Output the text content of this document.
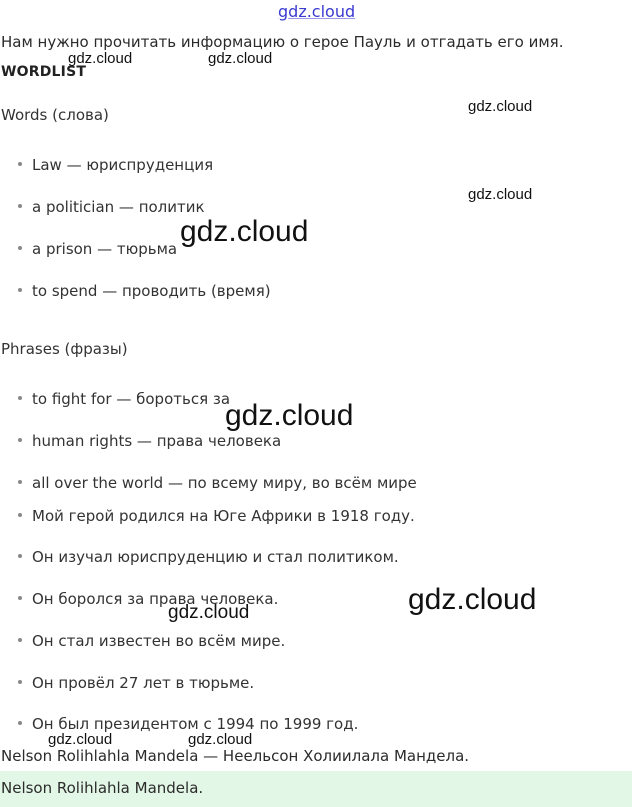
gdz.cloud
Нам нужно прочитать информацию о герое Пауль и отгадать его имя.
WORDLIST
Words (слова)
Law — юриспруденция
a politician — политик
a prison — тюрьма
to spend — проводить (время)
Phrases (фразы)
to fight for — бороться за
human rights — права человека
all over the world — по всему миру, во всём мире
Мой герой родился на Юге Африки в 1918 году.
Он изучал юриспруденцию и стал политиком.
Он боролся за права человека.
Он стал известен во всём мире.
Он провёл 27 лет в тюрьме.
Он был президентом с 1994 по 1999 год.
Nelson Rolihlahla Mandela — Неельсон Холиилала Мандела.
Nelson Rolihlahla Mandela.
gdz.cloud	gdz.cloud
gdz.cloud
gdz.cloud
gdz.cloud
gdz.cloud
gdz.cloud
gdz.cloud
gdz.cloud	gdz.cloud
